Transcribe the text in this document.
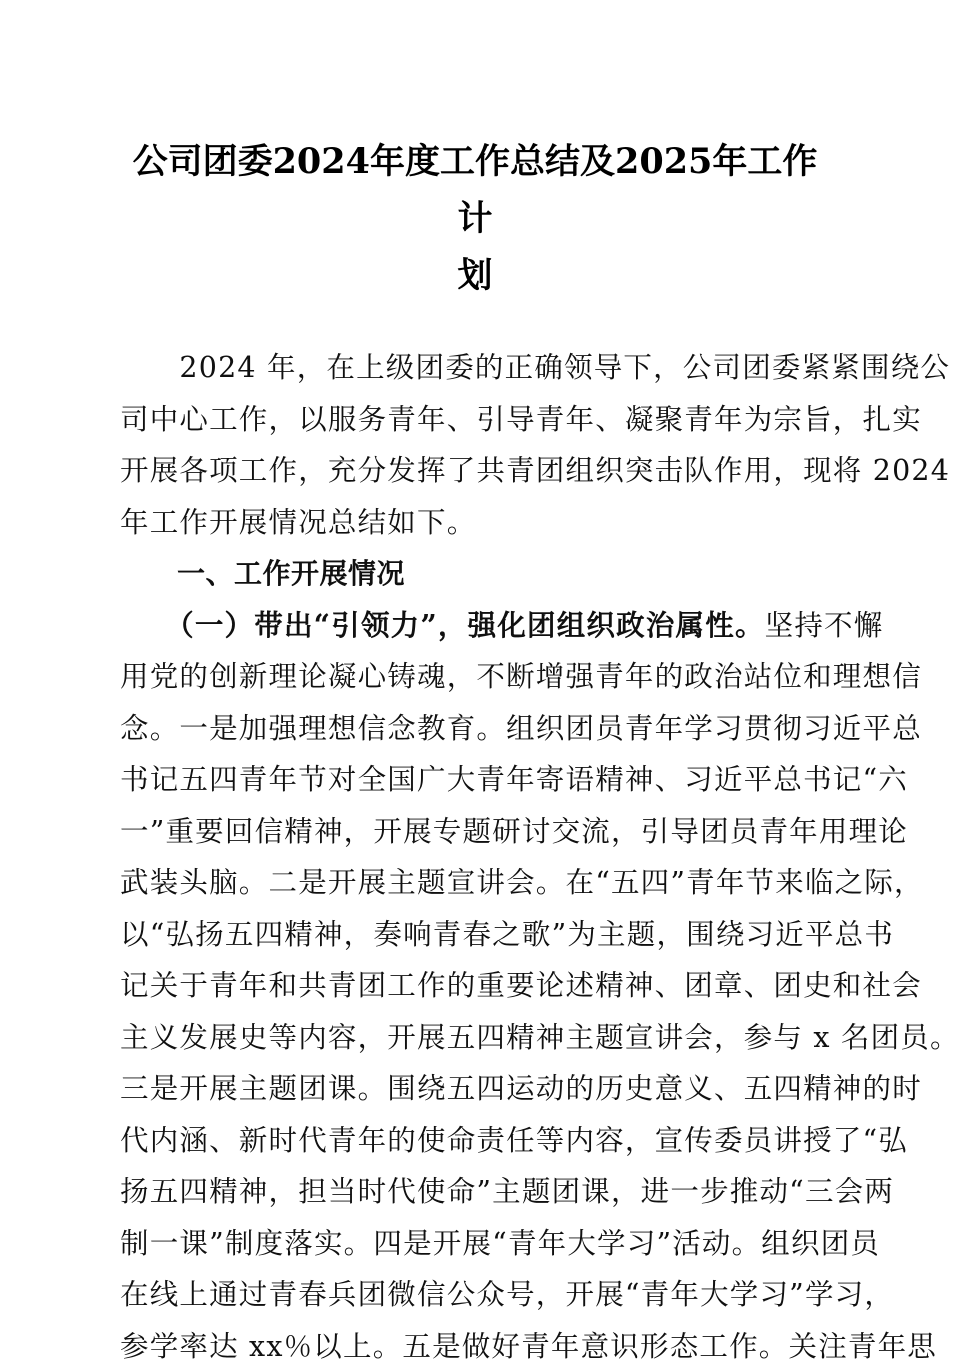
公司团委2024年度工作总结及2025年工作计
划

　　2024 年，在上级团委的正确领导下，公司团委紧紧围绕公

司中心工作，以服务青年、引导青年、凝聚青年为宗旨，扎实

开展各项工作，充分发挥了共青团组织突击队作用，现将 2024

年工作开展情况总结如下。

　　一、工作开展情况

　　（一）带出“引领力”，强化团组织政治属性。坚持不懈

用党的创新理论凝心铸魂，不断增强青年的政治站位和理想信

念。一是加强理想信念教育。组织团员青年学习贯彻习近平总

书记五四青年节对全国广大青年寄语精神、习近平总书记“六

一”重要回信精神，开展专题研讨交流，引导团员青年用理论

武装头脑。二是开展主题宣讲会。在“五四”青年节来临之际，

以“弘扬五四精神，奏响青春之歌”为主题，围绕习近平总书

记关于青年和共青团工作的重要论述精神、团章、团史和社会

主义发展史等内容，开展五四精神主题宣讲会，参与 x 名团员。

三是开展主题团课。围绕五四运动的历史意义、五四精神的时

代内涵、新时代青年的使命责任等内容，宣传委员讲授了“弘

扬五四精神，担当时代使命”主题团课，进一步推动“三会两

制一课”制度落实。四是开展“青年大学习”活动。组织团员

在线上通过青春兵团微信公众号，开展“青年大学习”学习，

参学率达 xx％以上。五是做好青年意识形态工作。关注青年思
